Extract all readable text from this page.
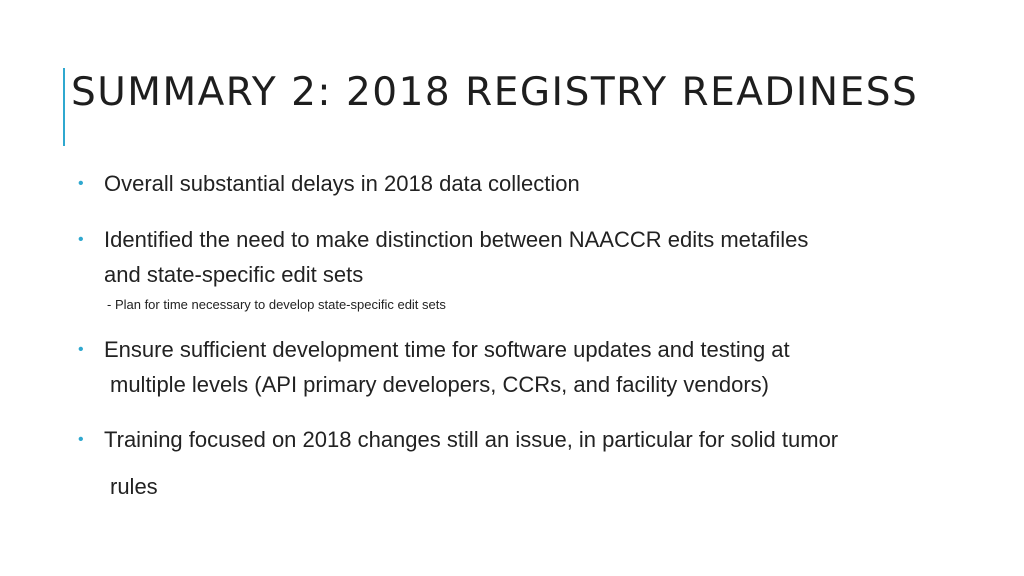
SUMMARY 2: 2018 REGISTRY READINESS
• Overall substantial delays in 2018 data collection
• Identified the need to make distinction between NAACCR edits metafiles
and state-specific edit sets
- Plan for time necessary to develop state-specific edit sets
• Ensure sufficient development time for software updates and testing at
multiple levels (API primary developers, CCRs, and facility vendors)
• Training focused on 2018 changes still an issue, in particular for solid tumor
rules
